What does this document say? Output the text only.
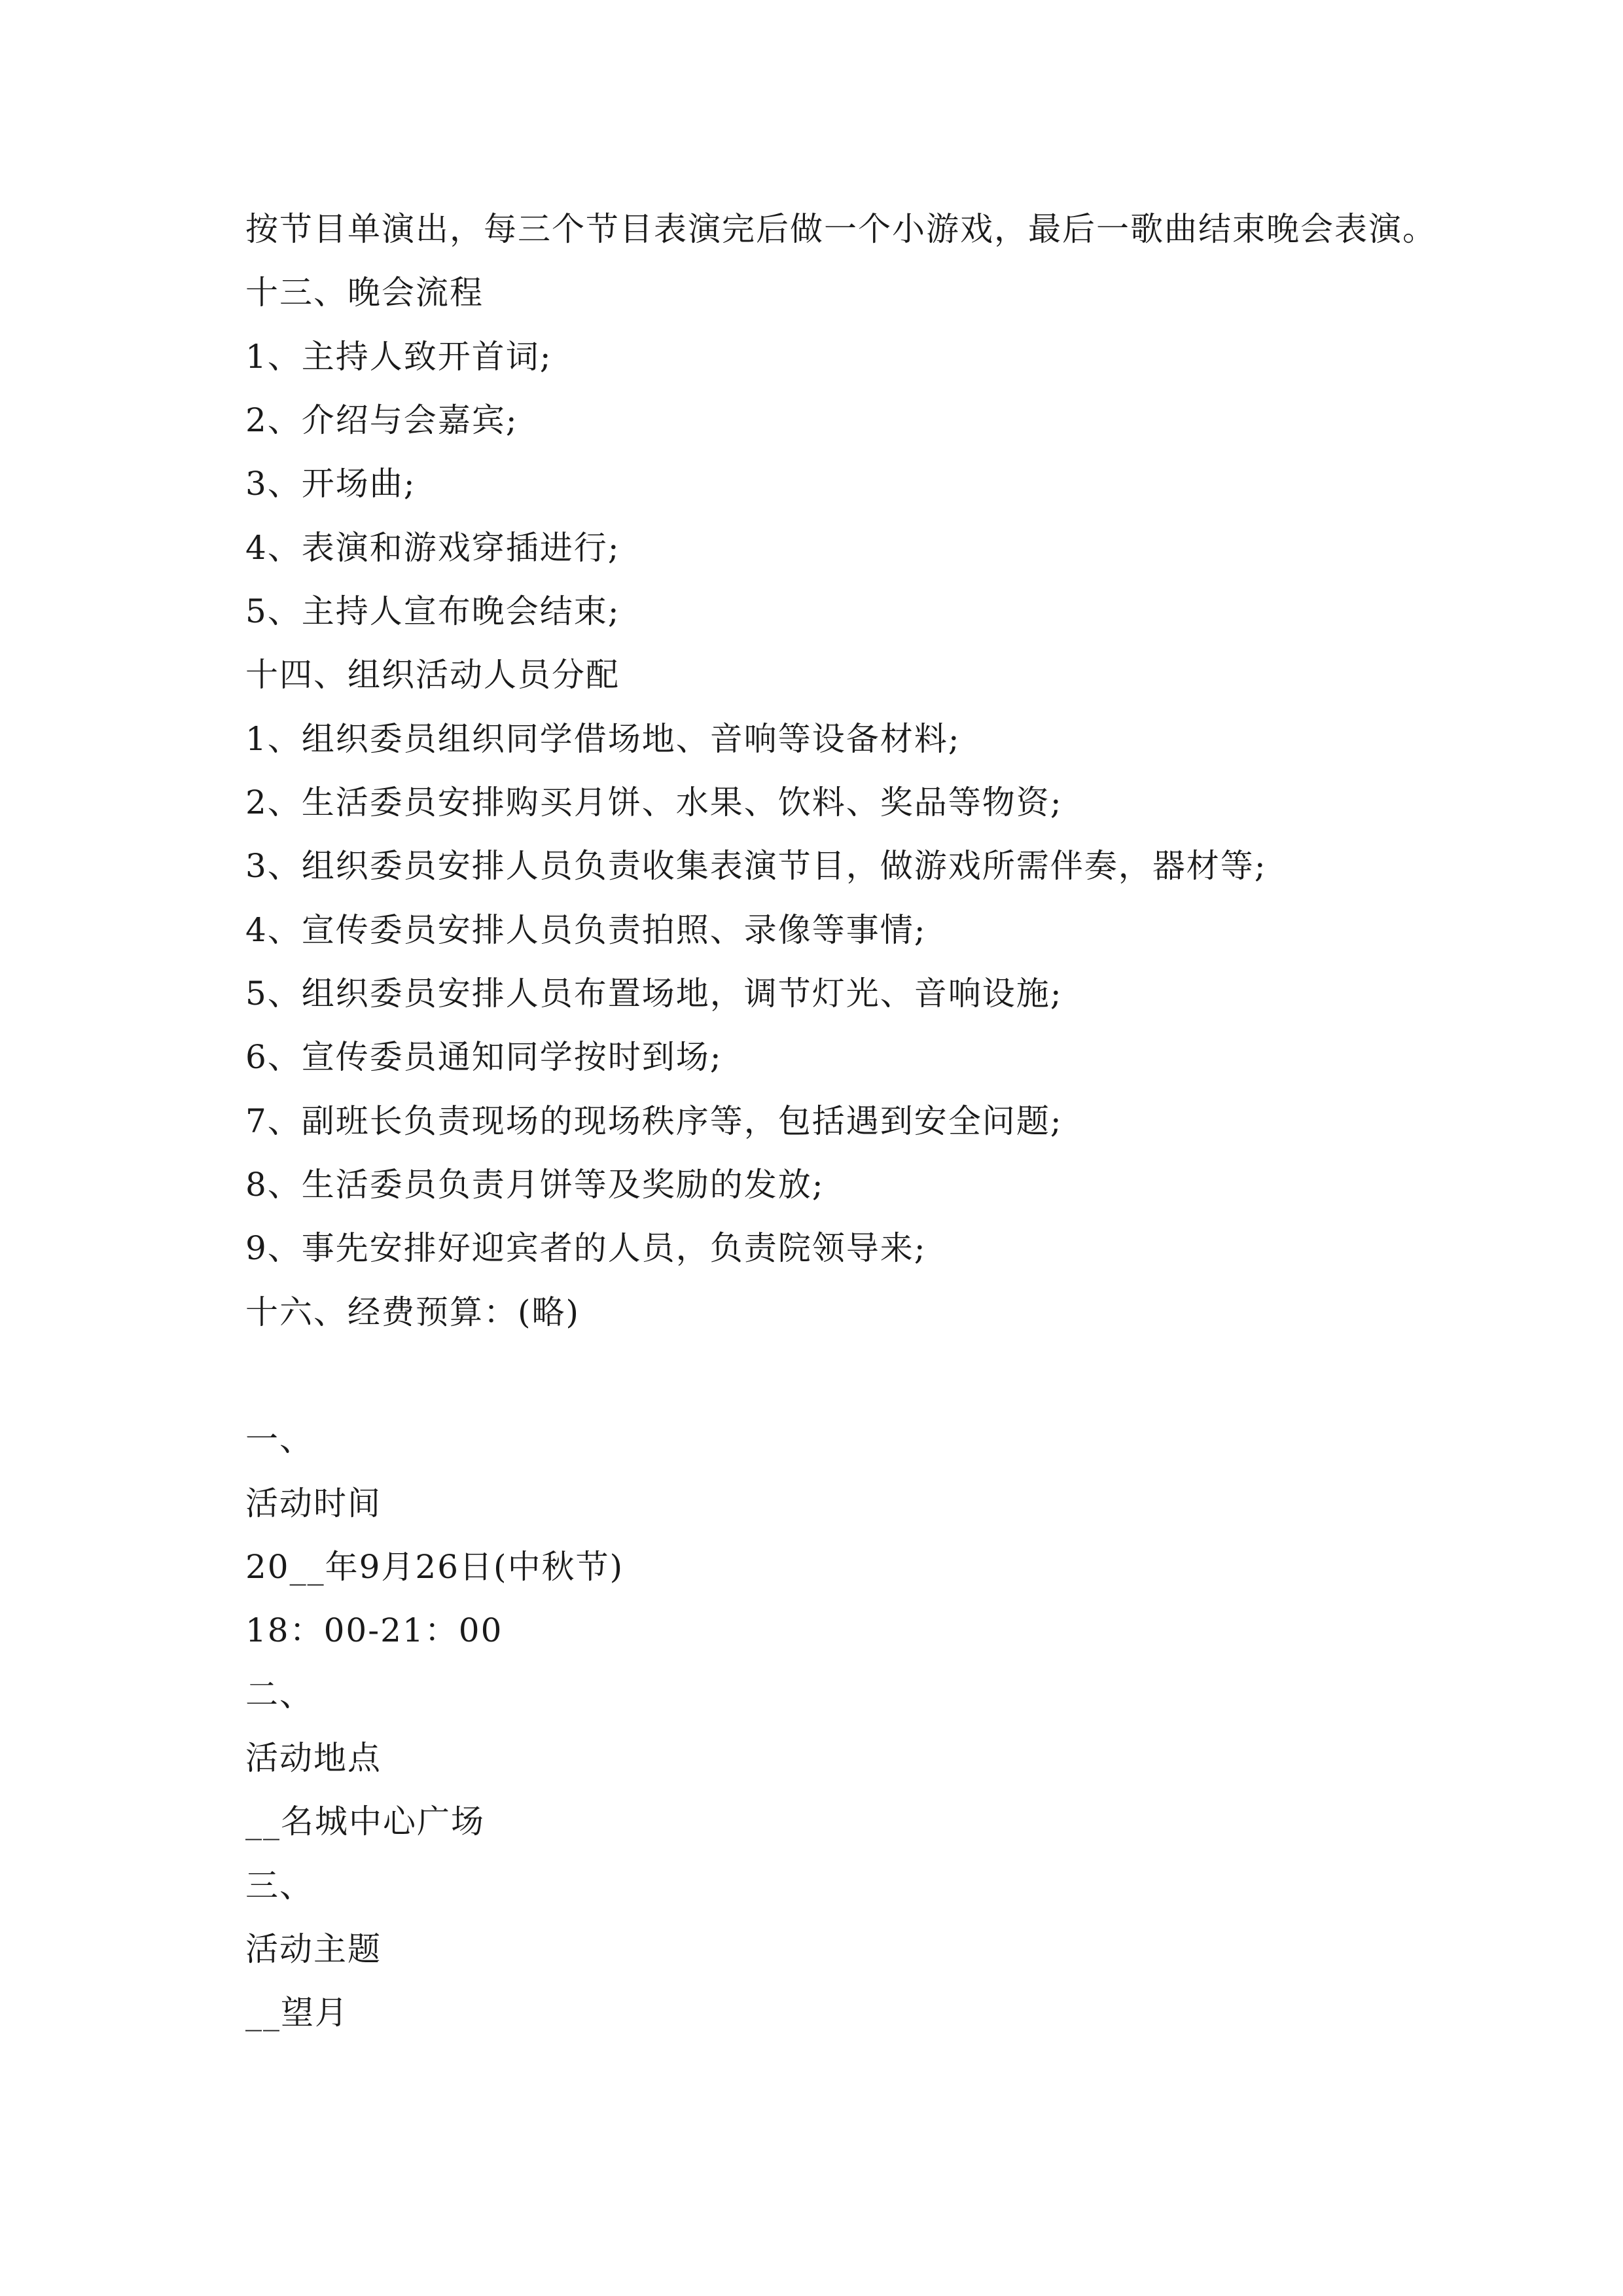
按节目单演出，每三个节目表演完后做一个小游戏，最后一歌曲结束晚会表演。
十三、晚会流程
1、主持人致开首词;
2、介绍与会嘉宾;
3、开场曲;
4、表演和游戏穿插进行;
5、主持人宣布晚会结束;
十四、组织活动人员分配
1、组织委员组织同学借场地、音响等设备材料;
2、生活委员安排购买月饼、水果、饮料、奖品等物资;
3、组织委员安排人员负责收集表演节目，做游戏所需伴奏，器材等;
4、宣传委员安排人员负责拍照、录像等事情;
5、组织委员安排人员布置场地，调节灯光、音响设施;
6、宣传委员通知同学按时到场;
7、副班长负责现场的现场秩序等，包括遇到安全问题;
8、生活委员负责月饼等及奖励的发放;
9、事先安排好迎宾者的人员，负责院领导来;
十六、经费预算：(略)
一、
活动时间
20__年9月26日(中秋节)
18：00-21：00
二、
活动地点
__名城中心广场
三、
活动主题
__望月
